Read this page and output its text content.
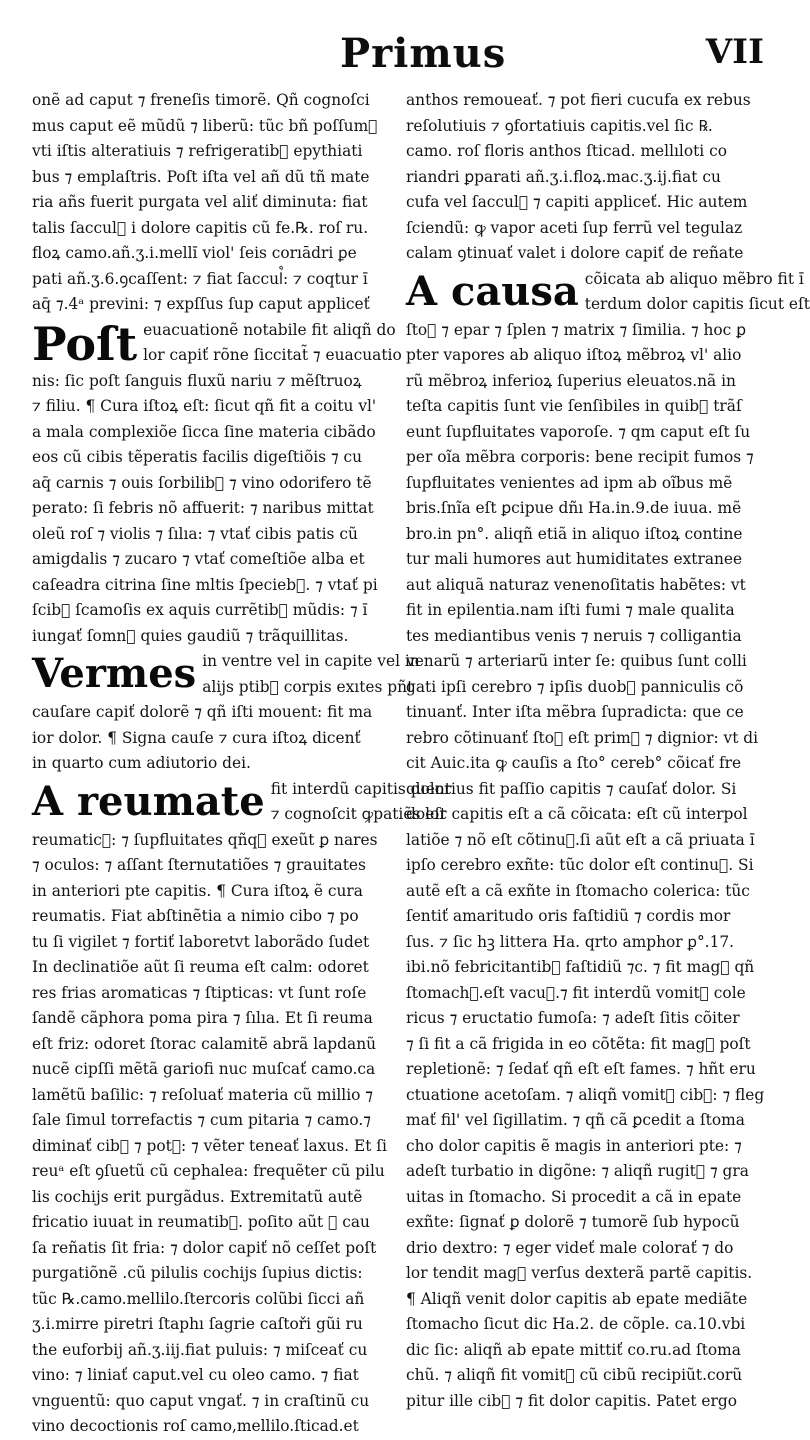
Primus	VII
onẽ ad caput ⁊ freneſis timorẽ. Qñ cognoſci
mus caput eẽ mũdũ ⁊ liberũ: tũc bñ poſſum᷒
vti iſtis alteratiuis ⁊ refrigeratib᷒ epythiati
bus ⁊ emplaſtris. Poſt iſta vel añ dũ tñ mate
ria añs fuerit purgata vel aliť diminuta: fiat
talis ſaccul᷒ i dolore capitis cũ fe.℞. roſ ru.
floꝝ camo.añ.ʒ.i.mellı̄ viol' ſeis corıādri ꝑe
pati añ.ʒ.6.ꝯcaſſent: ⁊ fiat ſaccul᷒: ⁊ coqtur ı̄
aq̄ ⁊.4ᵃ previni: ⁊ expſſus ſup caput appliceť
Poſt euacuationẽ notabile fit aliqñ do
lor capiť rõne ſiccitat̃ ⁊ euacuatio
nis: ſic poſt ſanguis fluxũ nariu ⁊ mẽſtruoꝝ
⁊ filiu. ¶ Cura iſtoꝝ eſt: ſicut qñ fit a coitu vl'
a mala complexiõe ſicca ſine materia cibãdo
eos cũ cibis tẽperatis facilis digeſtiõis ⁊ cu
aq̄ carnis ⁊ ouis ſorbilib᷒ ⁊ vino odorifero tẽ
perato: ſi febris nõ affuerit: ⁊ naribus mittat
oleũ roſ ⁊ violis ⁊ ſılıa: ⁊ vtať cibis patis cũ
amigdalis ⁊ zucaro ⁊ vtať comeſtiõe alba et
caſeadra citrina ſine mltis ſpecieb᷒. ⁊ vtať pi
ſcib᷒ ſcamoſis ex aquis currẽtib᷒ mũdis: ⁊ ı̄
iungať ſomn᷒ quies gaudiũ ⁊ trãquillitas.
Vermes in ventre vel in capite vel in
alijs ptib᷒ corpis exıtes pñt
cauſare capiť dolorẽ ⁊ qñ iſti mouent: fit ma
ior dolor. ¶ Signa cauſe ⁊ cura iſtoꝝ dicenť
in quarto cum adiutorio dei.
A reumate fit interdũ capitis dolor
⁊ cognoſcit ꝙpatiẽs eſt
reumatic᷒: ⁊ ſupfluitates qñqꝫ exeũt ꝑ nares
⁊ oculos: ⁊ aſſant ſternutatiões ⁊ grauitates
in anteriori pte capitis. ¶ Cura iſtoꝝ ẽ cura
reumatis. Fiat abſtinẽtia a nimio cibo ⁊ po
tu ſi vigilet ⁊ fortiť laboretvt laborãdo ſudet
In declinatiõe aũt ſi reuma eſt calm: odoret
res frias aromaticas ⁊ ſtipticas: vt ſunt roſe
ſandẽ cãphora poma pira ⁊ ſılıa. Et ſi reuma
eſt friz: odoret ſtorac calamitẽ abrã lapdanũ
nucẽ cipſſi mẽtã gariofi nuc muſcať camo.ca
lamẽtũ baſilic: ⁊ reſoluať materia cũ millio ⁊
ſale ſimul torrefactis ⁊ cum pitaria ⁊ camo.⁊
diminať cib᷒ ⁊ pot᷒: ⁊ vẽter teneať laxus. Et ſi
reuᵃ eſt ꝯſuetũ cũ cephalea: frequẽter cũ pilu
lis cochijs erit purgãdus. Extremitatũ autẽ
fricatio iuuat in reumatib᷒. poſito aũt ꝙ cau
ſa reñatis ſit fria: ⁊ dolor capiť nõ ceſſet poſt
purgatiõnẽ .cũ pilulis cochijs ſupius dictis:
tũc ℞.camo.mellilo.ſtercoris colũbi ſicci añ
ʒ.i.mirre piretri ſtaphı ſagrie caſtoři gũi ru
the euforbij añ.ʒ.iij.fiat puluis: ⁊ miſceať cu
vino: ⁊ liniať caput.vel cu oleo camo. ⁊ fiat
vnguentũ: quo caput vngať. ⁊ in craſtinũ cu
vino decoctionis roſ camo,mellilo.ſticad.et
anthos remoueať. ⁊ pot fieri cucufa ex rebus
reſolutiuis ⁊ ꝯfortatiuis capitis.vel ſic ℞.
camo. roſ floris anthos ſticad. mellıloti co
riandri ꝑparati añ.ʒ.i.floꝝ.mac.ʒ.ij.fiat cu
cufa vel ſaccul᷒ ⁊ capiti appliceť. Hic autem
ſciendũ: ꝙ vapor aceti ſup ferrũ vel tegulaz
calam ꝯtinuať valet i dolore capiť de reñate
A causa cõicata ab aliquo mẽbro fit ı̄
terdum dolor capitis ſicut eſt
ſto᷒ ⁊ epar ⁊ ſplen ⁊ matrix ⁊ ſimilia. ⁊ hoc ꝑ
pter vapores ab aliquo iſtoꝝ mẽbroꝝ vl' alio
rũ mẽbroꝝ inferioꝝ ſuperius eleuatos.nã in
teſta capitis ſunt vie ſenſibiles in quib᷒ trãſ
eunt ſupfluitates vaporoſe. ⁊ qm caput eſt ſu
per oĩa mẽbra corporis: bene recipit fumos ⁊
ſupfluitates venientes ad ipm ab oĩbus mẽ
bris.ſnĩa eſt ꝑcipue dñı Ha.in.9.de iuua. mẽ
bro.in pn°. aliqñ etiã in aliquo iſtoꝝ contine
tur mali humores aut humiditates extranee
aut aliquã naturaz venenoſitatis habẽtes: vt
fit in epilentia.nam iſti fumi ⁊ male qualita
tes mediantibus venis ⁊ neruis ⁊ colligantia
venarũ ⁊ arteriarũ inter ſe: quibus ſunt colli
gati ipſi cerebro ⁊ ipſis duob᷒ panniculis cõ
tinuanť. Inter iſta mẽbra ſupradicta: que ce
rebro cõtinuanť ſto᷒ eſt prim᷒ ⁊ dignior: vt di
cit Auic.ita ꝙ cauſis a ſto° cereb° cõicať fre
quentius fit paſſio capitis ⁊ cauſať dolor. Si
dolor capitis eſt a cã cõicata: eſt cũ interpol
latiõe ⁊ nõ eſt cõtinu᷒.ſi aũt eſt a cã priuata ı̄
ipſo cerebro exñte: tũc dolor eſt continu᷒. Si
autẽ eſt a cã exñte in ſtomacho colerica: tũc
ſentiť amaritudo oris faſtidiũ ⁊ cordis mor
ſus. ⁊ ſic hꝫ littera Ha. qrto amphor ꝑ°.17.
ibi.nõ febricitantib᷒ faſtidiũ ⁊c. ⁊ fit mag᷒ qñ
ſtomach᷒.eſt vacu᷒.⁊ fit interdũ vomit᷒ cole
ricus ⁊ eructatio fumoſa: ⁊ adeſt ſitis cõiter
⁊ ſi fit a cã frigida in eo cõtẽta: fit mag᷒ poſt
repletionẽ: ⁊ ſedať qñ eſt eſt fames. ⁊ hñt eru
ctuatione acetoſam. ⁊ aliqñ vomit᷒ cib᷒: ⁊ fleg
mať fil' vel ſigillatim. ⁊ qñ cã ꝑcedit a ſtoma
cho dolor capitis ẽ magis in anteriori pte: ⁊
adeſt turbatio in digõne: ⁊ aliqñ rugit᷒ ⁊ gra
uitas in ſtomacho. Si procedit a cã in epate
exñte: ſignať ꝑ dolorẽ ⁊ tumorẽ ſub hypocũ
drio dextro: ⁊ eger videť male colorať ⁊ do
lor tendit mag᷒ verſus dexterã partẽ capitis.
¶ Aliqñ venit dolor capitis ab epate mediãte
ſtomacho ſicut dic Ha.2. de cõple. ca.10.vbi
dic ſic: aliqñ ab epate mittiť co.ru.ad ſtoma
chũ. ⁊ aliqñ fit vomit᷒ cũ cibũ recipiũt.corũ
pitur ille cib᷒ ⁊ fit dolor capitis. Patet ergo
